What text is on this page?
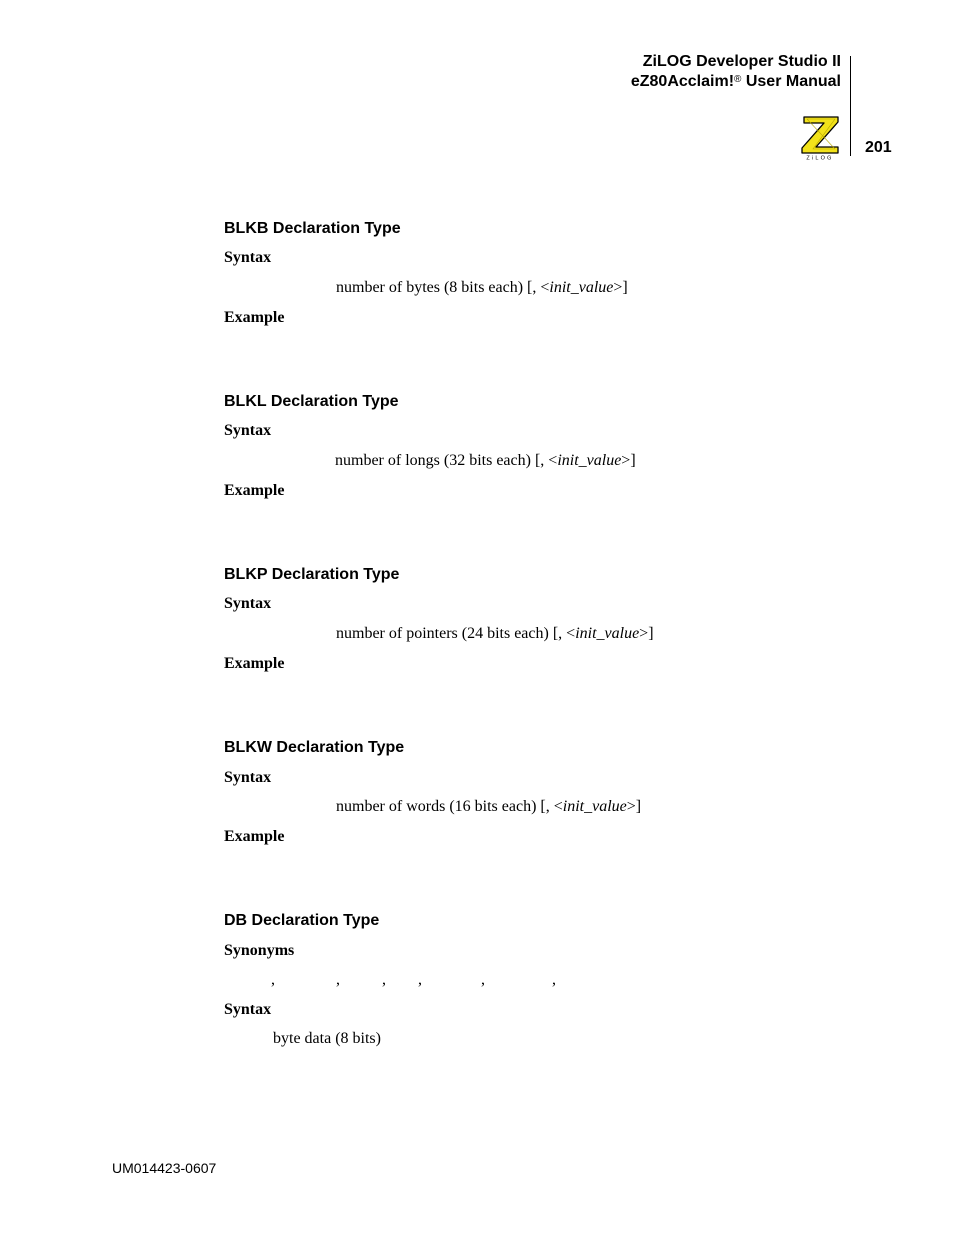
ZiLOG Developer Studio II
eZ80Acclaim!® User Manual
ZiLOG
201
BLKB Declaration Type
Syntax
number of bytes (8 bits each) [, <init_value>]
Example
BLKL Declaration Type
Syntax
number of longs (32 bits each) [, <init_value>]
Example
BLKP Declaration Type
Syntax
number of pointers (24 bits each) [, <init_value>]
Example
BLKW Declaration Type
Syntax
number of words (16 bits each) [, <init_value>]
Example
DB Declaration Type
Synonyms
,	,	, ,	,	,
Syntax
byte data (8 bits)
UM014423-0607
